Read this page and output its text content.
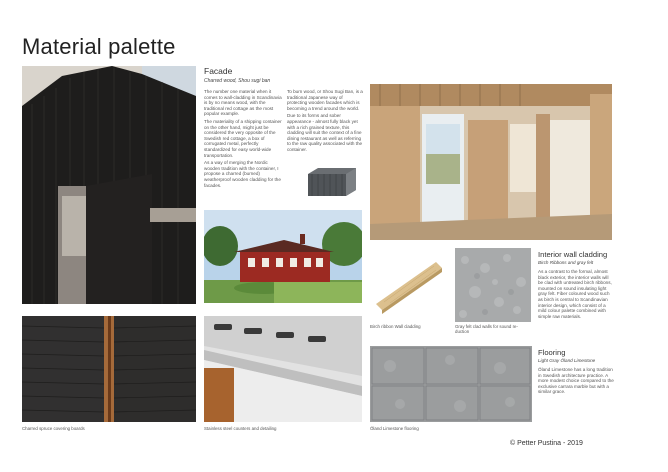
Material palette
Facade
Charred wood, Shou sugi ban

The number one material when it comes to wall-cladding in Scandinavia is by no means wood, with the traditional red cottage as the most popular example.

The materiality of a shipping container on the other hand, might just be considered the very opposite of the Swedish red cottage, a box of corrugated metal, perfectly standardized for easy world-wide transportation.

As a way of merging the Nordic wooden tradition with the container, I propose a charred (burned) weatherproof wooden cladding for the facades.

To burn wood, or Shou Sugi Ban, is a traditional Japanese way of protecting wooden facades which is becoming a trend around the world.

Due to its forms and sober appearance - almost fully black yet with a rich grained texture, this cladding will suit the context of a fine dining restaurant as well as referring to the raw quality associated with the container.

Interior wall cladding
Birch Ribbons and gray felt
As a contrast to the formal, almost black exterior, the interior walls will be clad with untreated birch ribbons, mounted on sound insulating light gray felt. Fiber coloured wood such as birch is central to Scandinavian interior design, which consist of a mild colour palette combined with simple raw materials.
Birch ribbon Wall cladding	Gray felt clad walls for sound re-duction
Charred spruce covering boards	Stainless steel counters and detailing	Öland Limestone flooring
Flooring
Light Gray Öland Limestone
Öland Limestone has a long tradition in Swedish architecture practice. A more modest choice compared to the exclusive carrara marble but with a similar grace.
© Petter Pustina - 2019
